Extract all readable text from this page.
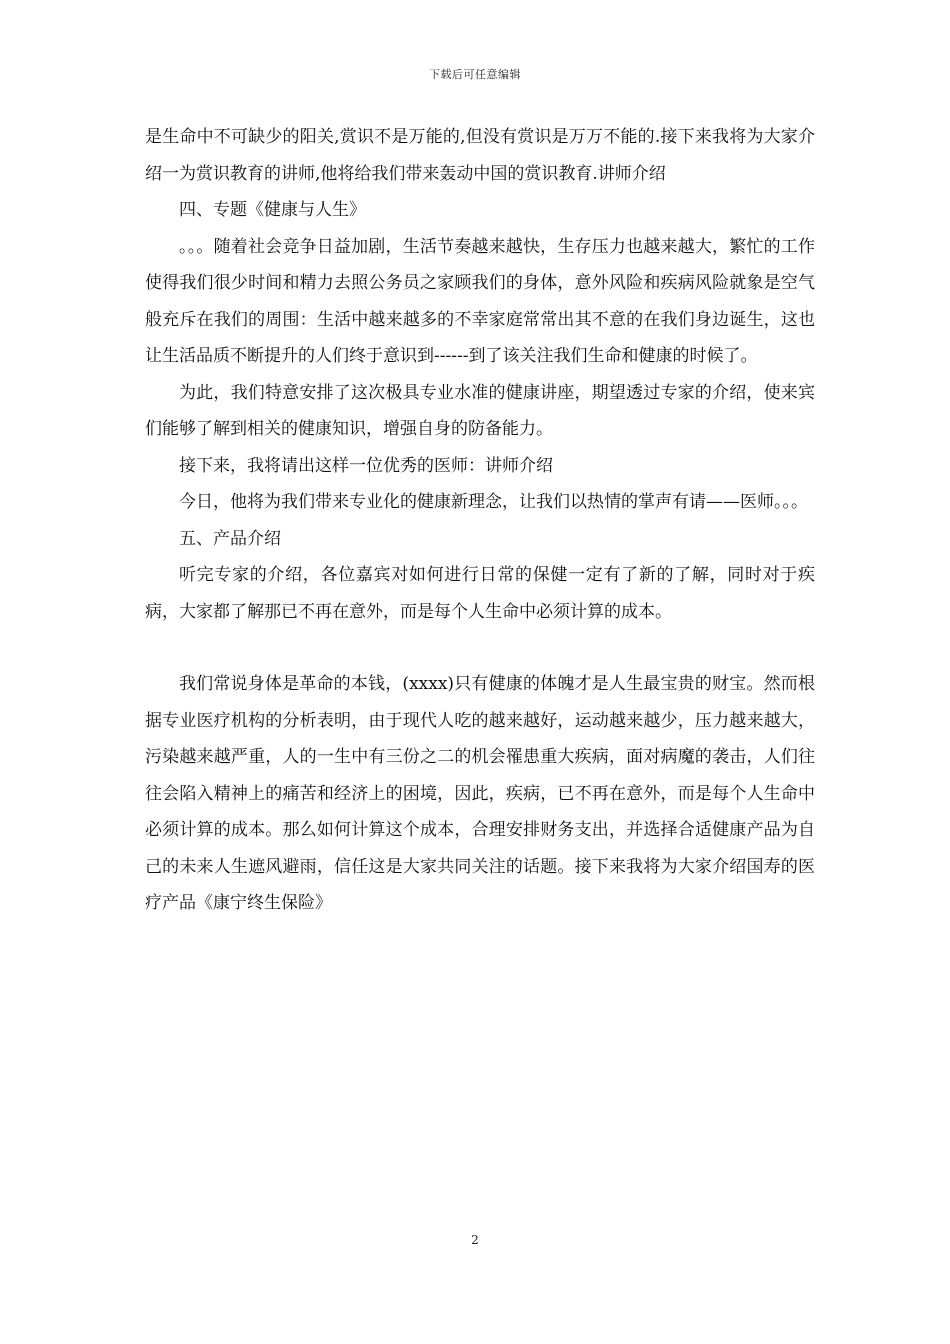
下载后可任意编辑

是生命中不可缺少的阳关,赏识不是万能的,但没有赏识是万万不能的.接下来我将为大家介绍一为赏识教育的讲师,他将给我们带来轰动中国的赏识教育.讲师介绍

四、专题《健康与人生》

。。。随着社会竞争日益加剧，生活节奏越来越快，生存压力也越来越大，繁忙的工作使得我们很少时间和精力去照公务员之家顾我们的身体，意外风险和疾病风险就象是空气般充斥在我们的周围：生活中越来越多的不幸家庭常常出其不意的在我们身边诞生，这也让生活品质不断提升的人们终于意识到------到了该关注我们生命和健康的时候了。

为此，我们特意安排了这次极具专业水准的健康讲座，期望透过专家的介绍，使来宾们能够了解到相关的健康知识，增强自身的防备能力。

接下来，我将请出这样一位优秀的医师：讲师介绍

今日，他将为我们带来专业化的健康新理念，让我们以热情的掌声有请——医师。。。

五、产品介绍

听完专家的介绍，各位嘉宾对如何进行日常的保健一定有了新的了解，同时对于疾病，大家都了解那已不再在意外，而是每个人生命中必须计算的成本。

我们常说身体是革命的本钱，(xxxx)只有健康的体魄才是人生最宝贵的财宝。然而根据专业医疗机构的分析表明，由于现代人吃的越来越好，运动越来越少，压力越来越大，污染越来越严重，人的一生中有三份之二的机会罹患重大疾病，面对病魔的袭击，人们往往会陷入精神上的痛苦和经济上的困境，因此，疾病，已不再在意外，而是每个人生命中必须计算的成本。那么如何计算这个成本，合理安排财务支出，并选择合适健康产品为自己的未来人生遮风避雨，信任这是大家共同关注的话题。接下来我将为大家介绍国寿的医疗产品《康宁终生保险》

2
